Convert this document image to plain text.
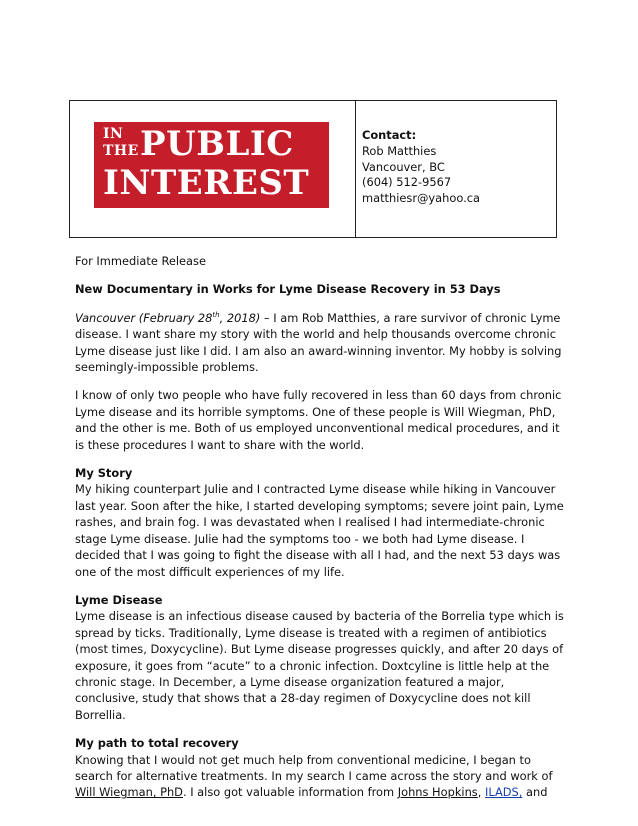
IN
THE PUBLIC
INTEREST
Contact:
Rob Matthies
Vancouver, BC
(604) 512-9567
matthiesr@yahoo.ca

For Immediate Release

New Documentary in Works for Lyme Disease Recovery in 53 Days

Vancouver (February 28th, 2018) – I am Rob Matthies, a rare survivor of chronic Lyme disease. I want share my story with the world and help thousands overcome chronic Lyme disease just like I did. I am also an award-winning inventor. My hobby is solving seemingly-impossible problems.

I know of only two people who have fully recovered in less than 60 days from chronic Lyme disease and its horrible symptoms. One of these people is Will Wiegman, PhD, and the other is me. Both of us employed unconventional medical procedures, and it is these procedures I want to share with the world.

My Story

My hiking counterpart Julie and I contracted Lyme disease while hiking in Vancouver last year. Soon after the hike, I started developing symptoms; severe joint pain, Lyme rashes, and brain fog. I was devastated when I realised I had intermediate-chronic stage Lyme disease. Julie had the symptoms too - we both had Lyme disease. I decided that I was going to fight the disease with all I had, and the next 53 days was one of the most difficult experiences of my life.

Lyme Disease

Lyme disease is an infectious disease caused by bacteria of the Borrelia type which is spread by ticks. Traditionally, Lyme disease is treated with a regimen of antibiotics (most times, Doxycycline). But Lyme disease progresses quickly, and after 20 days of exposure, it goes from “acute” to a chronic infection. Doxtcyline is little help at the chronic stage. In December, a Lyme disease organization featured a major, conclusive, study that shows that a 28-day regimen of Doxycycline does not kill Borrellia.

My path to total recovery

Knowing that I would not get much help from conventional medicine, I began to search for alternative treatments. In my search I came across the story and work of Will Wiegman, PhD. I also got valuable information from Johns Hopkins, ILADS, and
